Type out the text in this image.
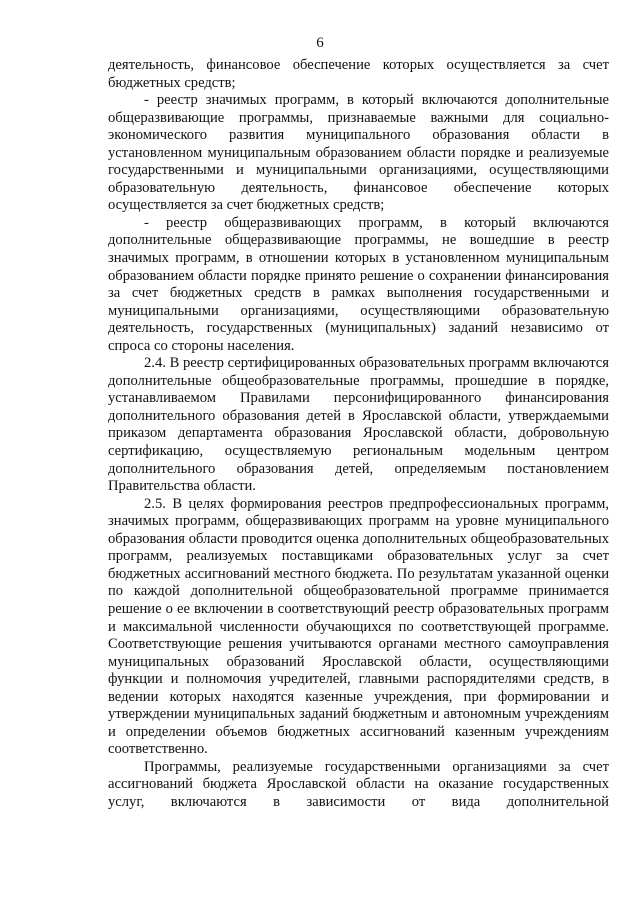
6

деятельность, финансовое обеспечение которых осуществляется за счет бюджетных средств;

- реестр значимых программ, в который включаются дополнительные общеразвивающие программы, признаваемые важными для социально-экономического развития муниципального образования области в установленном муниципальным образованием области порядке и реализуемые государственными и муниципальными организациями, осуществляющими образовательную деятельность, финансовое обеспечение которых осуществляется за счет бюджетных средств;

- реестр общеразвивающих программ, в который включаются дополнительные общеразвивающие программы, не вошедшие в реестр значимых программ, в отношении которых в установленном муниципальным образованием области порядке принято решение о сохранении финансирования за счет бюджетных средств в рамках выполнения государственными и муниципальными организациями, осуществляющими образовательную деятельность, государственных (муниципальных) заданий независимо от спроса со стороны населения.

2.4. В реестр сертифицированных образовательных программ включаются дополнительные общеобразовательные программы, прошедшие в порядке, устанавливаемом Правилами персонифицированного финансирования дополнительного образования детей в Ярославской области, утверждаемыми приказом департамента образования Ярославской области, добровольную сертификацию, осуществляемую региональным модельным центром дополнительного образования детей, определяемым постановлением Правительства области.

2.5. В целях формирования реестров предпрофессиональных программ, значимых программ, общеразвивающих программ на уровне муниципального образования области проводится оценка дополнительных общеобразовательных программ, реализуемых поставщиками образовательных услуг за счет бюджетных ассигнований местного бюджета. По результатам указанной оценки по каждой дополнительной общеобразовательной программе принимается решение о ее включении в соответствующий реестр образовательных программ и максимальной численности обучающихся по соответствующей программе. Соответствующие решения учитываются органами местного самоуправления муниципальных образований Ярославской области, осуществляющими функции и полномочия учредителей, главными распорядителями средств, в ведении которых находятся казенные учреждения, при формировании и утверждении муниципальных заданий бюджетным и автономным учреждениям и определении объемов бюджетных ассигнований казенным учреждениям соответственно.

Программы, реализуемые государственными организациями за счет ассигнований бюджета Ярославской области на оказание государственных услуг, включаются в зависимости от вида дополнительной
